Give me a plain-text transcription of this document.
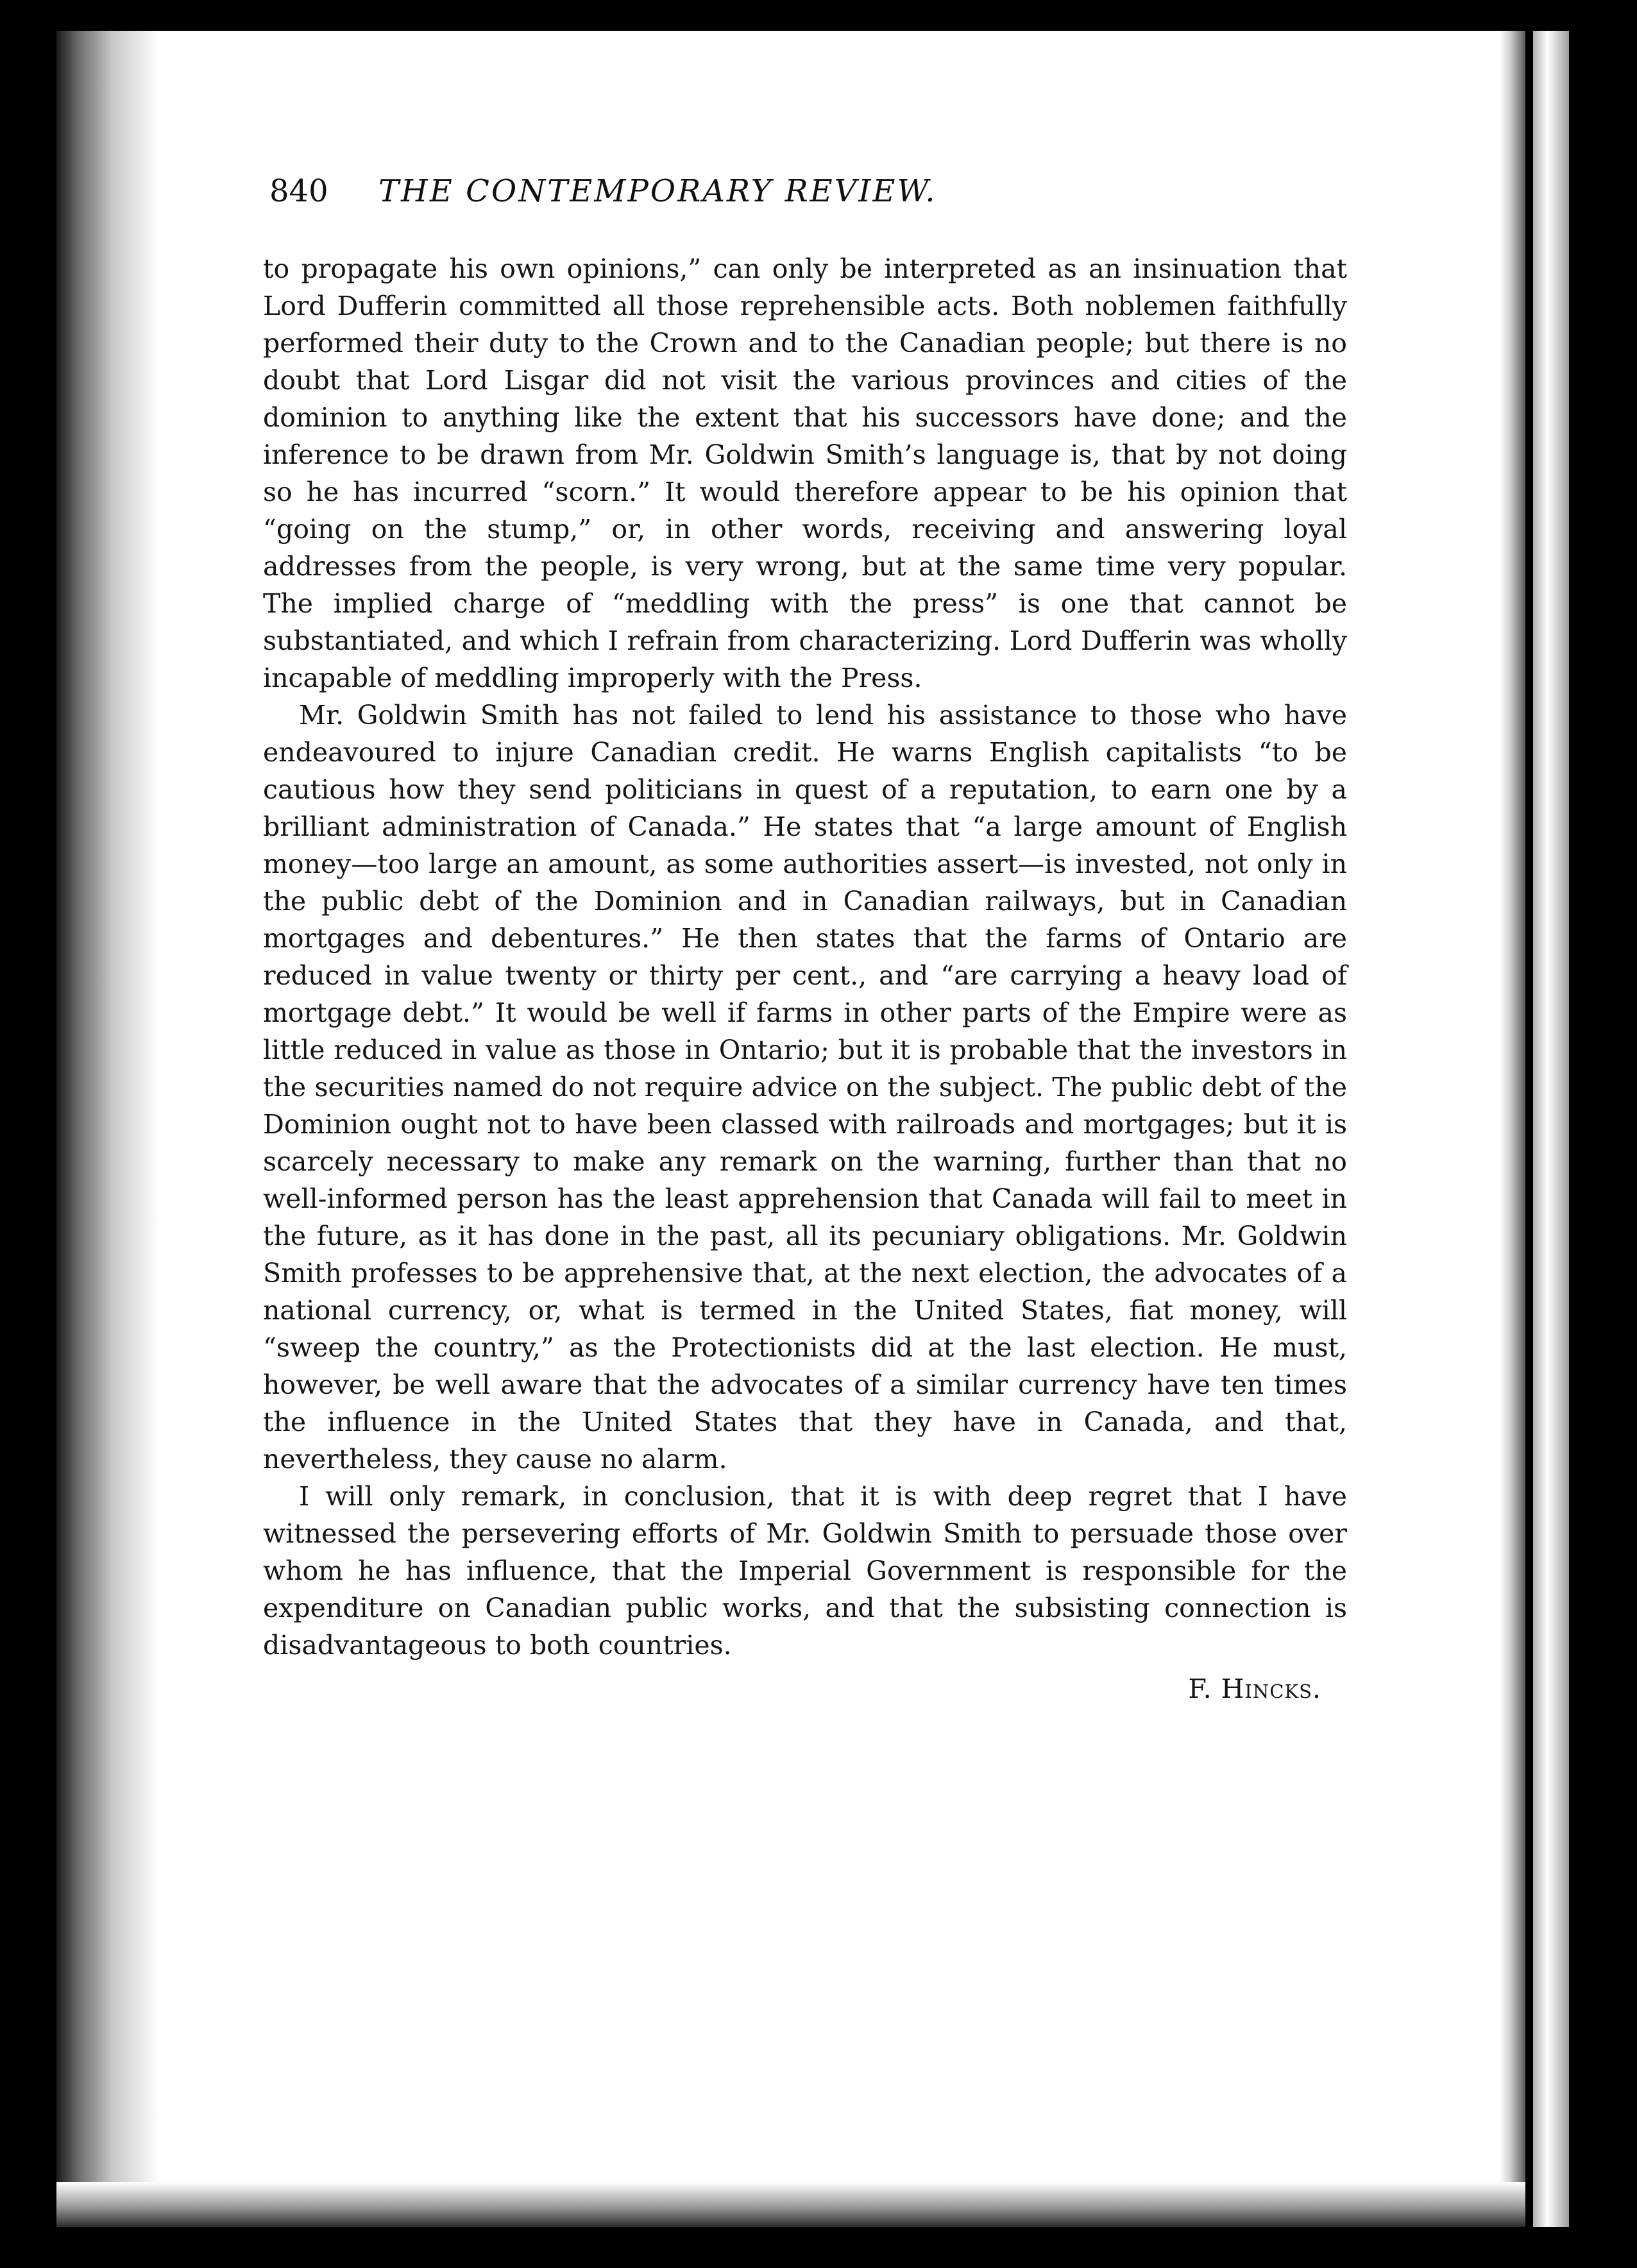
840 THE CONTEMPORARY REVIEW.

to propagate his own opinions,” can only be interpreted as an insinuation that Lord Dufferin committed all those reprehensible acts. Both noblemen faithfully performed their duty to the Crown and to the Canadian people; but there is no doubt that Lord Lisgar did not visit the various provinces and cities of the dominion to anything like the extent that his successors have done; and the inference to be drawn from Mr. Goldwin Smith’s language is, that by not doing so he has incurred “scorn.” It would therefore appear to be his opinion that “going on the stump,” or, in other words, receiving and answering loyal addresses from the people, is very wrong, but at the same time very popular. The implied charge of “meddling with the press” is one that cannot be substantiated, and which I refrain from characterizing. Lord Dufferin was wholly incapable of meddling improperly with the Press.

Mr. Goldwin Smith has not failed to lend his assistance to those who have endeavoured to injure Canadian credit. He warns English capitalists “to be cautious how they send politicians in quest of a reputation, to earn one by a brilliant administration of Canada.” He states that “a large amount of English money—too large an amount, as some authorities assert—is invested, not only in the public debt of the Dominion and in Canadian railways, but in Canadian mortgages and debentures.” He then states that the farms of Ontario are reduced in value twenty or thirty per cent., and “are carrying a heavy load of mortgage debt.” It would be well if farms in other parts of the Empire were as little reduced in value as those in Ontario; but it is probable that the investors in the securities named do not require advice on the subject. The public debt of the Dominion ought not to have been classed with railroads and mortgages; but it is scarcely necessary to make any remark on the warning, further than that no well-informed person has the least apprehension that Canada will fail to meet in the future, as it has done in the past, all its pecuniary obligations. Mr. Goldwin Smith professes to be apprehensive that, at the next election, the advocates of a national currency, or, what is termed in the United States, fiat money, will “sweep the country,” as the Protectionists did at the last election. He must, however, be well aware that the advocates of a similar currency have ten times the influence in the United States that they have in Canada, and that, nevertheless, they cause no alarm.

I will only remark, in conclusion, that it is with deep regret that I have witnessed the persevering efforts of Mr. Goldwin Smith to persuade those over whom he has influence, that the Imperial Government is responsible for the expenditure on Canadian public works, and that the subsisting connection is disadvantageous to both countries.

F. Hincks.
